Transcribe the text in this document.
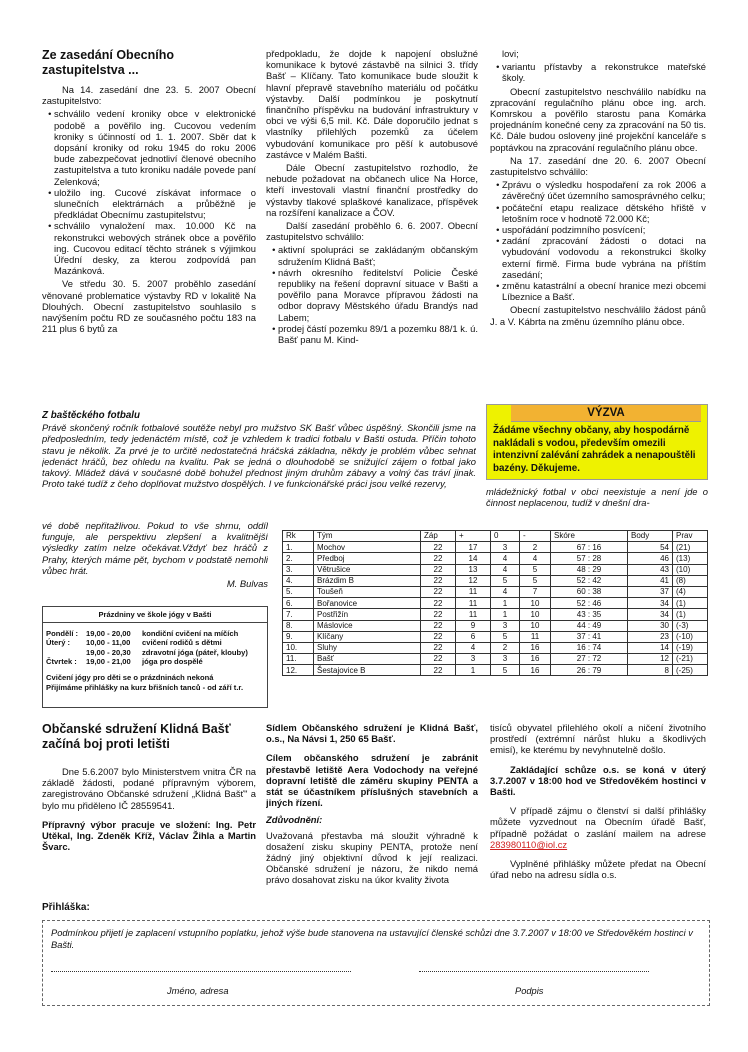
Ze zasedání Obecního zastupitelstva ...

Na 14. zasedání dne 23. 5. 2007 Obecní zastupitelstvo:

• schválilo vedení kroniky obce v elektronické podobě a pověřilo ing. Cucovou vedením kroniky s účinností od 1. 1. 2007. Sběr dat k dopsání kroniky od roku 1945 do roku 2006 bude zabezpečovat jednotliví členové obecního zastupitelstva a tuto kroniku nadále povede paní Zelenková;
• uložilo ing. Cucové získávat informace o slunečních elektrárnách a průběžně je předkládat Obecnímu zastupitelstvu;
• schválilo vynaložení max. 10.000 Kč na rekonstrukci webových stránek obce a pověřilo ing. Cucovou editací těchto stránek s výjimkou Úřední desky, za kterou zodpovídá pan Mazánková.

Ve středu 30. 5. 2007 proběhlo zasedání věnované problematice výstavby RD v lokalitě Na Dlouhých. Obecní zastupitelstvo souhlasilo s navýšením počtu RD ze současného počtu 183 na 211 plus 6 bytů za

předpokladu, že dojde k napojení obslužné komunikace k bytové zástavbě na silnici 3. třídy Bašť – Klíčany. Tato komunikace bude sloužit k hlavní přepravě stavebního materiálu od počátku výstavby. Další podmínkou je poskytnutí finančního příspěvku na budování infrastruktury v obci ve výši 6,5 mil. Kč. Dále doporučilo jednat s vlastníky přilehlých pozemků za účelem vybudování komunikace pro pěší k autobusové zastávce v Malém Bašti.

Dále Obecní zastupitelstvo rozhodlo, že nebude požadovat na občanech ulice Na Horce, kteří investovali vlastní finanční prostředky do výstavby tlakové splaškové kanalizace, příspěvek na rozšíření kanalizace a ČOV.

Další zasedání proběhlo 6. 6. 2007. Obecní zastupitelstvo schválilo:

• aktivní spolupráci se zakládaným občanským sdružením Klidná Bašť;
• návrh okresního ředitelství Policie České republiky na řešení dopravní situace v Bašti a pověřilo pana Moravce přípravou žádosti na odbor dopravy Městského úřadu Brandýs nad Labem;
• prodej částí pozemku 89/1 a pozemku 88/1 k. ú. Bašť panu M. Kind-

lovi;

• variantu přístavby a rekonstrukce mateřské školy.

Obecní zastupitelstvo neschválilo nabídku na zpracování regulačního plánu obce ing. arch. Komrskou a pověřilo starostu pana Komárka projednáním konečné ceny za zpracování na 50 tis. Kč. Dále budou osloveny jiné projekční kanceláře s poptávkou na zpracování regulačního plánu obce.

Na 17. zasedání dne 20. 6. 2007 Obecní zastupitelstvo schválilo:

• Zprávu o výsledku hospodaření za rok 2006 a závěrečný účet územního samosprávného celku;
• počáteční etapu realizace dětského hřiště v letošním roce v hodnotě 72.000 Kč;
• uspořádání podzimního posvícení;
• zadání zpracování žádosti o dotaci na vybudování vodovodu a rekonstrukci školky externí firmě. Firma bude vybrána na příštím zasedání;
• změnu katastrální a obecní hranice mezi obcemi Líbeznice a Bašť.

Obecní zastupitelstvo neschválilo žádost pánů J. a V. Kábrta na změnu územního plánu obce.

VÝZVA
Žádáme všechny občany, aby hospodárně nakládali s vodou, především omezili intenzivní zalévání zahrádek a nenapouštěli bazény. Děkujeme.
Z baštěckého fotbalu

Právě skončený ročník fotbalové soutěže nebyl pro mužstvo SK Bašť vůbec úspěšný. Skončili jsme na předposledním, tedy jedenáctém místě, což je vzhledem k tradici fotbalu v Bašti ostuda. Příčin tohoto stavu je několik. Za prvé je to určitě nedostatečná hráčská základna, někdy je problém vůbec sehnat jedenáct hráčů, bez ohledu na kvalitu. Pak se jedná o dlouhodobě se snižující zájem o fotbal jako takový. Mládež dává v současné době bohužel přednost jiným druhům zábavy a volný čas tráví jinak. Proto také tudíž z čeho doplňovat mužstvo dospělých. I ve funkcionářské práci jsou velké rezervy,

mládežnický fotbal v obci neexistuje a není jde o činnost neplacenou, tudíž v dnešní dra-

vé době nepřitažlivou. Pokud to vše shrnu, oddíl funguje, ale perspektivu zlepšení a kvalitnější výsledky zatím nelze očekávat.Vždyť bez hráčů z Prahy, kterých máme pět, bychom v podstatě nemohli vůbec hrát.

M. Bulvas

Rk	Tým	Záp	+	0	-	Skóre	Body	Prav
1.	Mochov	22	17	3	2	67 : 16	54	(21)
2.	Předboj	22	14	4	4	57 : 28	46	(13)
3.	Větrušice	22	13	4	5	48 : 29	43	(10)
4.	Brázdim B	22	12	5	5	52 : 42	41	(8)
5.	Toušeň	22	11	4	7	60 : 38	37	(4)
6.	Bořanovice	22	11	1	10	52 : 46	34	(1)
7.	Postřižín	22	11	1	10	43 : 35	34	(1)
8.	Máslovice	22	9	3	10	44 : 49	30	(-3)
9.	Klíčany	22	6	5	11	37 : 41	23	(-10)
10.	Sluhy	22	4	2	16	16 : 74	14	(-19)
11.	Bašť	22	3	3	16	27 : 72	12	(-21)
12.	Šestajovice B	22	1	5	16	26 : 79	8	(-25)
Prázdniny ve škole jógy v Bašti
Pondělí :	19,00 - 20,00	kondiční cvičení na míčích
Úterý :	10,00 - 11,00	cvičení rodičů s dětmi
19,00 - 20,30	zdravotní jóga (páteř, klouby)
Čtvrtek :	19,00 - 21,00	jóga pro dospělé
Cvičení jógy pro děti se o prázdninách nekoná
Přijímáme přihlášky na kurz břišních tanců - od září t.r.
Občanské sdružení Klidná Bašť
začíná boj proti letišti

Dne 5.6.2007 bylo Ministerstvem vnitra ČR na základě žádosti, podané přípravným výborem, zaregistrováno Občanské sdružení „Klidná Bašť" a bylo mu přiděleno IČ 28559541.

Přípravný výbor pracuje ve složení: Ing. Petr Utěkal, Ing. Zdeněk Kříž, Václav Žihla a Martin Švarc.

Sídlem Občanského sdružení je Klidná Bašť, o.s., Na Návsi 1, 250 65 Bašť.

Cílem občanského sdružení je zabránit přestavbě letiště Aera Vodochody na veřejné dopravní letiště dle záměru skupiny PENTA a stát se účastníkem příslušných stavebních a jiných řízení.

Zdůvodnění:

Uvažovaná přestavba má sloužit výhradně k dosažení zisku skupiny PENTA, protože není žádný jiný objektivní důvod k její realizaci. Občanské sdružení je názoru, že nikdo nemá právo dosahovat zisku na úkor kvality života

tisíců obyvatel přilehlého okolí a ničení životního prostředí (extrémní nárůst hluku a škodlivých emisí), ke kterému by nevyhnutelně došlo.

Zakládající schůze o.s. se koná v úterý 3.7.2007 v 18:00 hod ve Středověkém hostinci v Bašti.

V případě zájmu o členství si další přihlášky můžete vyzvednout na Obecním úřadě Bašť, případně požádat o zaslání mailem na adrese 283980110@iol.cz

Vyplněné přihlášky můžete předat na Obecní úřad nebo na adresu sídla o.s.

Přihláška:
Podmínkou přijetí je zaplacení vstupního poplatku, jehož výše bude stanovena na ustavující členské schůzi dne 3.7.2007 v 18:00 ve Středověkém hostinci v Bašti.
Jméno, adresa	Podpis
